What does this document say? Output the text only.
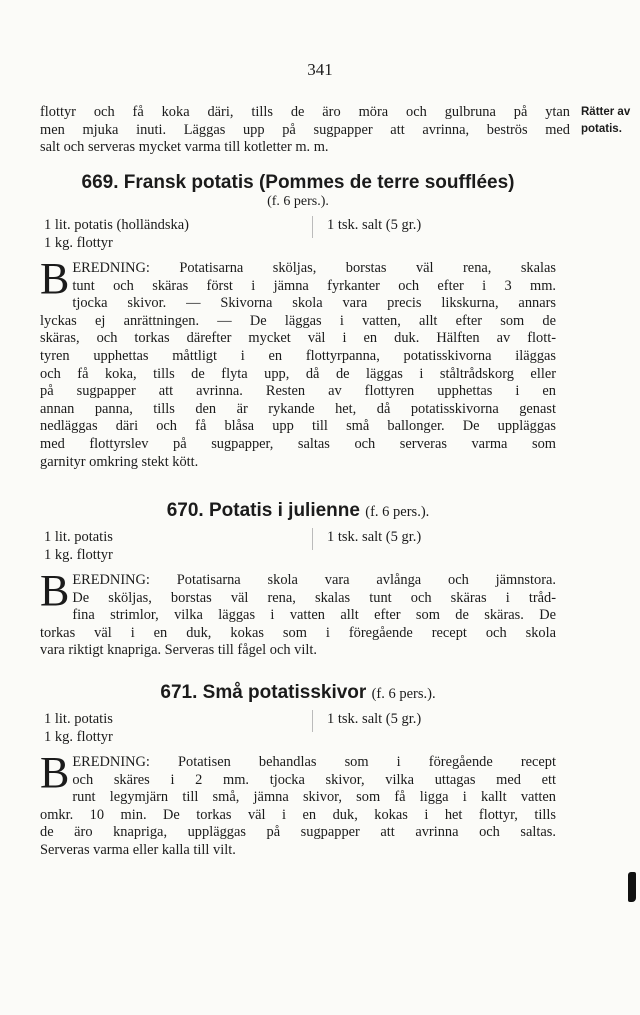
341
flottyr och få koka däri, tills de äro möra och gulbruna på ytan
men mjuka inuti. Läggas upp på sugpapper att avrinna, beströs med
salt och serveras mycket varma till kotletter m. m.
Rätter av
potatis.
669. Fransk potatis (Pommes de terre soufflées)
(f. 6 pers.).
1 lit. potatis (holländska)
1 kg. flottyr
1 tsk. salt (5 gr.)
B EREDNING: Potatisarna sköljas, borstas väl rena, skalas
tunt och skäras först i jämna fyrkanter och efter i 3 mm.
tjocka skivor. — Skivorna skola vara precis likskurna, annars
lyckas ej anrättningen. — De läggas i vatten, allt efter som de
skäras, och torkas därefter mycket väl i en duk. Hälften av flott-
tyren upphettas måttligt i en flottyrpanna, potatisskivorna iläggas
och få koka, tills de flyta upp, då de läggas i ståltrådskorg eller
på sugpapper att avrinna. Resten av flottyren upphettas i en
annan panna, tills den är rykande het, då potatisskivorna genast
nedläggas däri och få blåsa upp till små ballonger. De uppläggas
med flottyrslev på sugpapper, saltas och serveras varma som
garnityr omkring stekt kött.
670. Potatis i julienne (f. 6 pers.).
1 lit. potatis
1 kg. flottyr
1 tsk. salt (5 gr.)
B EREDNING: Potatisarna skola vara avlånga och jämnstora.
De sköljas, borstas väl rena, skalas tunt och skäras i tråd-
fina strimlor, vilka läggas i vatten allt efter som de skäras. De
torkas väl i en duk, kokas som i föregående recept och skola
vara riktigt knapriga. Serveras till fågel och vilt.
671. Små potatisskivor (f. 6 pers.).
1 lit. potatis
1 kg. flottyr
1 tsk. salt (5 gr.)
B EREDNING: Potatisen behandlas som i föregående recept
och skäres i 2 mm. tjocka skivor, vilka uttagas med ett
runt legymjärn till små, jämna skivor, som få ligga i kallt vatten
omkr. 10 min. De torkas väl i en duk, kokas i het flottyr, tills
de äro knapriga, uppläggas på sugpapper att avrinna och saltas.
Serveras varma eller kalla till vilt.
